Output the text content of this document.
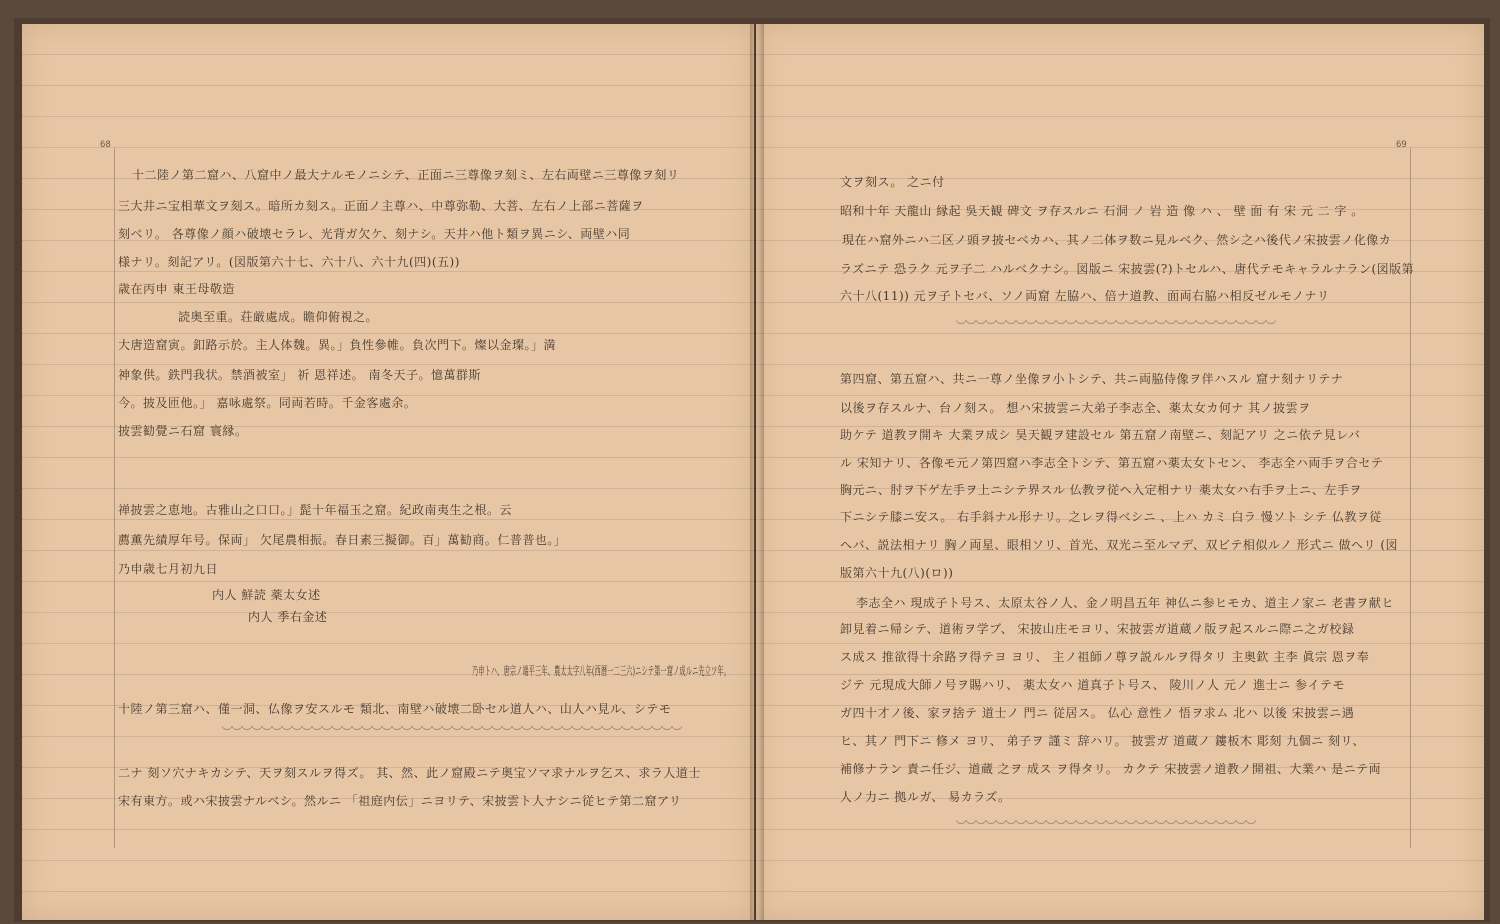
68
十二陸ノ第二窟ハ、八窟中ノ最大ナルモノニシテ、正面ニ三尊像ヲ刻ミ、左右両壁ニ三尊像ヲ刻リ
三大井ニ宝相華文ヲ刻ス。暗所カ刻ス。正面ノ主尊ハ、中尊弥勒、大菩、左右ノ上部ニ菩薩ヲ
刻ベリ。 各尊像ノ顔ハ破壊セラレ、光背ガ欠ケ、刻ナシ。天井ハ他ト類ヲ異ニシ、両壁ハ同
様ナリ。刻記アリ。(図版第六十七、六十八、六十九(四)(五))
歳在丙申 東王母敬造
読奥至重。荘厳處成。瞻仰俯視之。
大唐造窟寅。釦路示於。主人体魏。異。」負性參帷。負次門下。燦以金璨。」満
神象供。鉄門我状。禁酒被室」 祈 恩祥述。 南冬天子。憶萬群斯
今。披及匝他。」 嘉咏處祭。同両若時。千金客處余。
披雲勧覺ニ石窟 寰縁。
禅披雲之恵地。古雅山之口口。」髭十年福玉之窟。紀政南夷生之根。云
薦薫先績厚年号。保両」 欠尾農相振。春日素三擬御。百」萬勧商。仁普普也。」
乃申歳七月初九日
内人 鮮読 薬太女述
内人 季右金述
乃申トハ、唐宗ノ端平三年、農太太字八年(西暦一二三六)ニシテ第一窟ノ成ルニ先立ツ年。
十陸ノ第三窟ハ、僅一洞、仏像ヲ安スルモ 類北、南壁ハ破壊二卧セル道人ハ、山人ハ見ル、シテモ
二ナ 刻ソ穴ナキカシテ、天ヲ刻スルヲ得ズ。 其、然、此ノ窟殿ニテ奥宝ソマ求ナルヲ乞ス、求ラ人道士
宋有東方。或ハ宋披雲ナルベシ。然ルニ 「祖庭内伝」ニヨリテ、宋披雲ト人ナシニ従ヒテ第二窟アリ
69
文ヲ刻ス。 之ニ付
昭和十年 天龍山 縁起 吳天観 碑文 ヲ存スルニ 石洞 ノ 岩 造 像 ハ 、 壁 面 有 宋 元 二 字 。
現在ハ窟外ニハ二区ノ頭ヲ披セベカハ、其ノ二体ヲ数ニ見ルベク、然シ之ハ後代ノ宋披雲ノ化像カ
ラズニテ 恐ラク 元ヲ子二 ハルベクナシ。図版ニ 宋披雲(?)トセルハ、唐代テモキャラルナラン(図版第
六十八(11)) 元ヲ子トセバ、ソノ両窟 左脇ハ、倍ナ道教、面両右脇ハ相反ゼルモノナリ
第四窟、第五窟ハ、共ニ一尊ノ坐像ヲ小トシテ、共ニ両脇侍像ヲ伴ハスル 窟ナ刻ナリテナ
以後ヲ存スルナ、台ノ刻ス。 想ハ宋披雲ニ大弟子李志全、薬太女カ何ナ 其ノ披雲ヲ
助ケテ 道教ヲ開キ 大業ヲ成シ 昊天観ヲ建設セル 第五窟ノ南壁ニ、刻記アリ 之ニ依テ見レバ
ル 宋知ナリ、各像モ元ノ第四窟ハ李志全トシテ、第五窟ハ薬太女トセン、 李志全ハ両手ヲ合セテ
胸元ニ、肘ヲ下ゲ左手ヲ上ニシテ界スル 仏教ヲ従ヘ入定相ナリ 薬太女ハ右手ヲ上ニ、左手ヲ
下ニシテ膝ニ安ス。 右手斜ナル形ナリ。之レヲ得ベシニ 、上ハ カミ 白ラ 慢ソト シテ 仏教ヲ従
ヘバ、説法相ナリ 胸ノ両星、眼相ソリ、首光、双光ニ至ルマデ、双ビテ相似ルノ 形式ニ 做ヘリ (図
版第六十九(八)(ロ))
李志全ハ 現成子ト号ス、太原太谷ノ人、金ノ明昌五年 神仏ニ参ヒモカ、道主ノ家ニ 老書ヲ献ヒ
卸見着ニ帰シテ、道術ヲ学ブ、 宋披山庄モヨリ、宋披雲ガ道蔵ノ版ヲ起スルニ際ニ之ガ校録
ス成ス 推欲得十余路ヲ得テヨ ヨリ、 主ノ祖師ノ尊ヲ説ルルヲ得タリ 主奥欽 主李 眞宗 恩ヲ奉
ジテ 元現成大師ノ号ヲ賜ハリ、 薬太女ハ 道真子ト号ス、 陵川ノ人 元ノ 進士ニ 参イテモ
ガ四十才ノ後、家ヲ捨テ 道士ノ 門ニ 従居ス。 仏心 意性ノ 悟ヲ求ム 北ハ 以後 宋披雲ニ遇
ヒ、其ノ 門下ニ 修メ ヨリ、 弟子ヲ 謹ミ 辞ハリ。 披雲ガ 道蔵ノ 鏤板木 彫刻 九個ニ 刻リ、
補修ナラン 責ニ任ジ、道蔵 之ヲ 成ス ヲ得タリ。 カクテ 宋披雲ノ道教ノ開祖、大業ハ 是ニテ両
人ノ力ニ 拠ルガ、 易カラズ。
